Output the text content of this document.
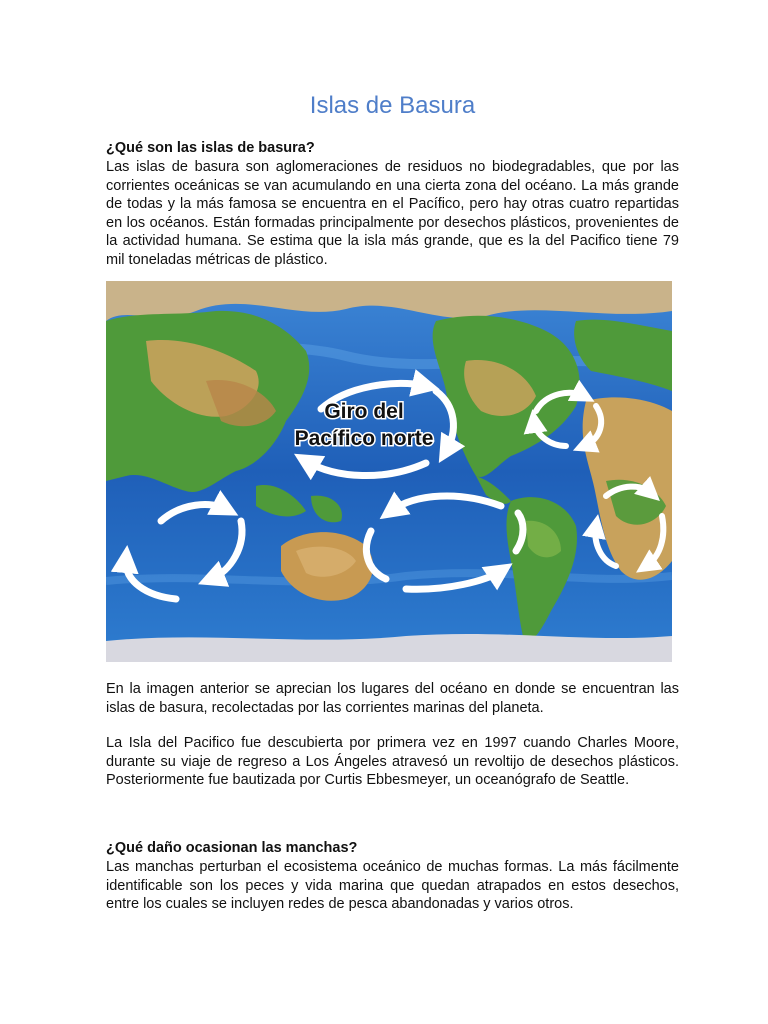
Islas de Basura

¿Qué son las islas de basura?

Las islas de basura son aglomeraciones de residuos no biodegradables, que por las corrientes oceánicas se van acumulando en una cierta zona del océano. La más grande de todas y la más famosa se encuentra en el Pacífico, pero hay otras cuatro repartidas en los océanos. Están formadas principalmente por desechos plásticos, provenientes de la actividad humana. Se estima que la isla más grande, que es la del Pacifico tiene 79 mil toneladas métricas de plástico.

Giro del
Pacífico norte

En la imagen anterior se aprecian los lugares del océano en donde se encuentran las islas de basura, recolectadas por las corrientes marinas del planeta.

La Isla del Pacifico fue descubierta por primera vez en 1997 cuando Charles Moore, durante su viaje de regreso a Los Ángeles atravesó un revoltijo de desechos plásticos. Posteriormente fue bautizada por Curtis Ebbesmeyer, un oceanógrafo de Seattle.

¿Qué daño ocasionan las manchas?

Las manchas perturban el ecosistema oceánico de muchas formas. La más fácilmente identificable son los peces y vida marina que quedan atrapados en estos desechos, entre los cuales se incluyen redes de pesca abandonadas y varios otros.
